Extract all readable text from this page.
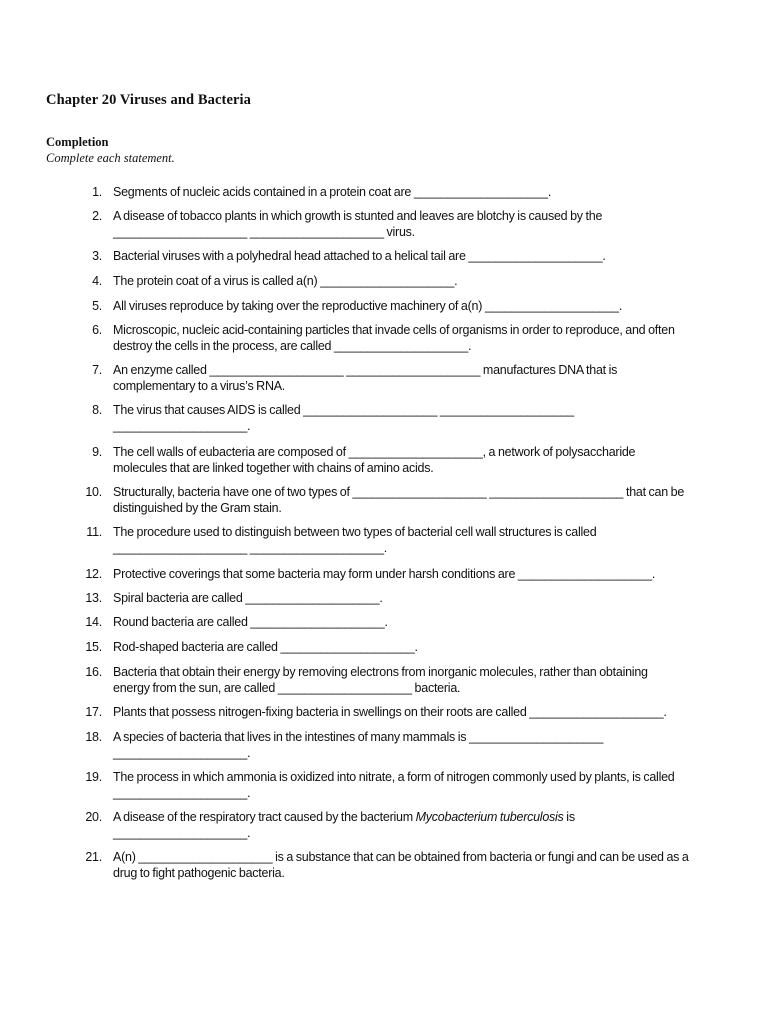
Chapter 20 Viruses and Bacteria
Completion

Complete each statement.

1. Segments of nucleic acids contained in a protein coat are ____________________.
2. A disease of tobacco plants in which growth is stunted and leaves are blotchy is caused by the
____________________ ____________________ virus.
3. Bacterial viruses with a polyhedral head attached to a helical tail are ____________________.
4. The protein coat of a virus is called a(n) ____________________.
5. All viruses reproduce by taking over the reproductive machinery of a(n) ____________________.
6. Microscopic, nucleic acid-containing particles that invade cells of organisms in order to reproduce, and often
destroy the cells in the process, are called ____________________.
7. An enzyme called ____________________ ____________________ manufactures DNA that is
complementary to a virus’s RNA.
8. The virus that causes AIDS is called ____________________ ____________________
____________________.
9. The cell walls of eubacteria are composed of ____________________, a network of polysaccharide
molecules that are linked together with chains of amino acids.
10. Structurally, bacteria have one of two types of ____________________ ____________________ that can be
distinguished by the Gram stain.
11. The procedure used to distinguish between two types of bacterial cell wall structures is called
____________________ ____________________.
12. Protective coverings that some bacteria may form under harsh conditions are ____________________.
13. Spiral bacteria are called ____________________.
14. Round bacteria are called ____________________.
15. Rod-shaped bacteria are called ____________________.
16. Bacteria that obtain their energy by removing electrons from inorganic molecules, rather than obtaining
energy from the sun, are called ____________________ bacteria.
17. Plants that possess nitrogen-fixing bacteria in swellings on their roots are called ____________________.
18. A species of bacteria that lives in the intestines of many mammals is ____________________
____________________.
19. The process in which ammonia is oxidized into nitrate, a form of nitrogen commonly used by plants, is called
____________________.
20. A disease of the respiratory tract caused by the bacterium Mycobacterium tuberculosis is
____________________.
21. A(n) ____________________ is a substance that can be obtained from bacteria or fungi and can be used as a
drug to fight pathogenic bacteria.
